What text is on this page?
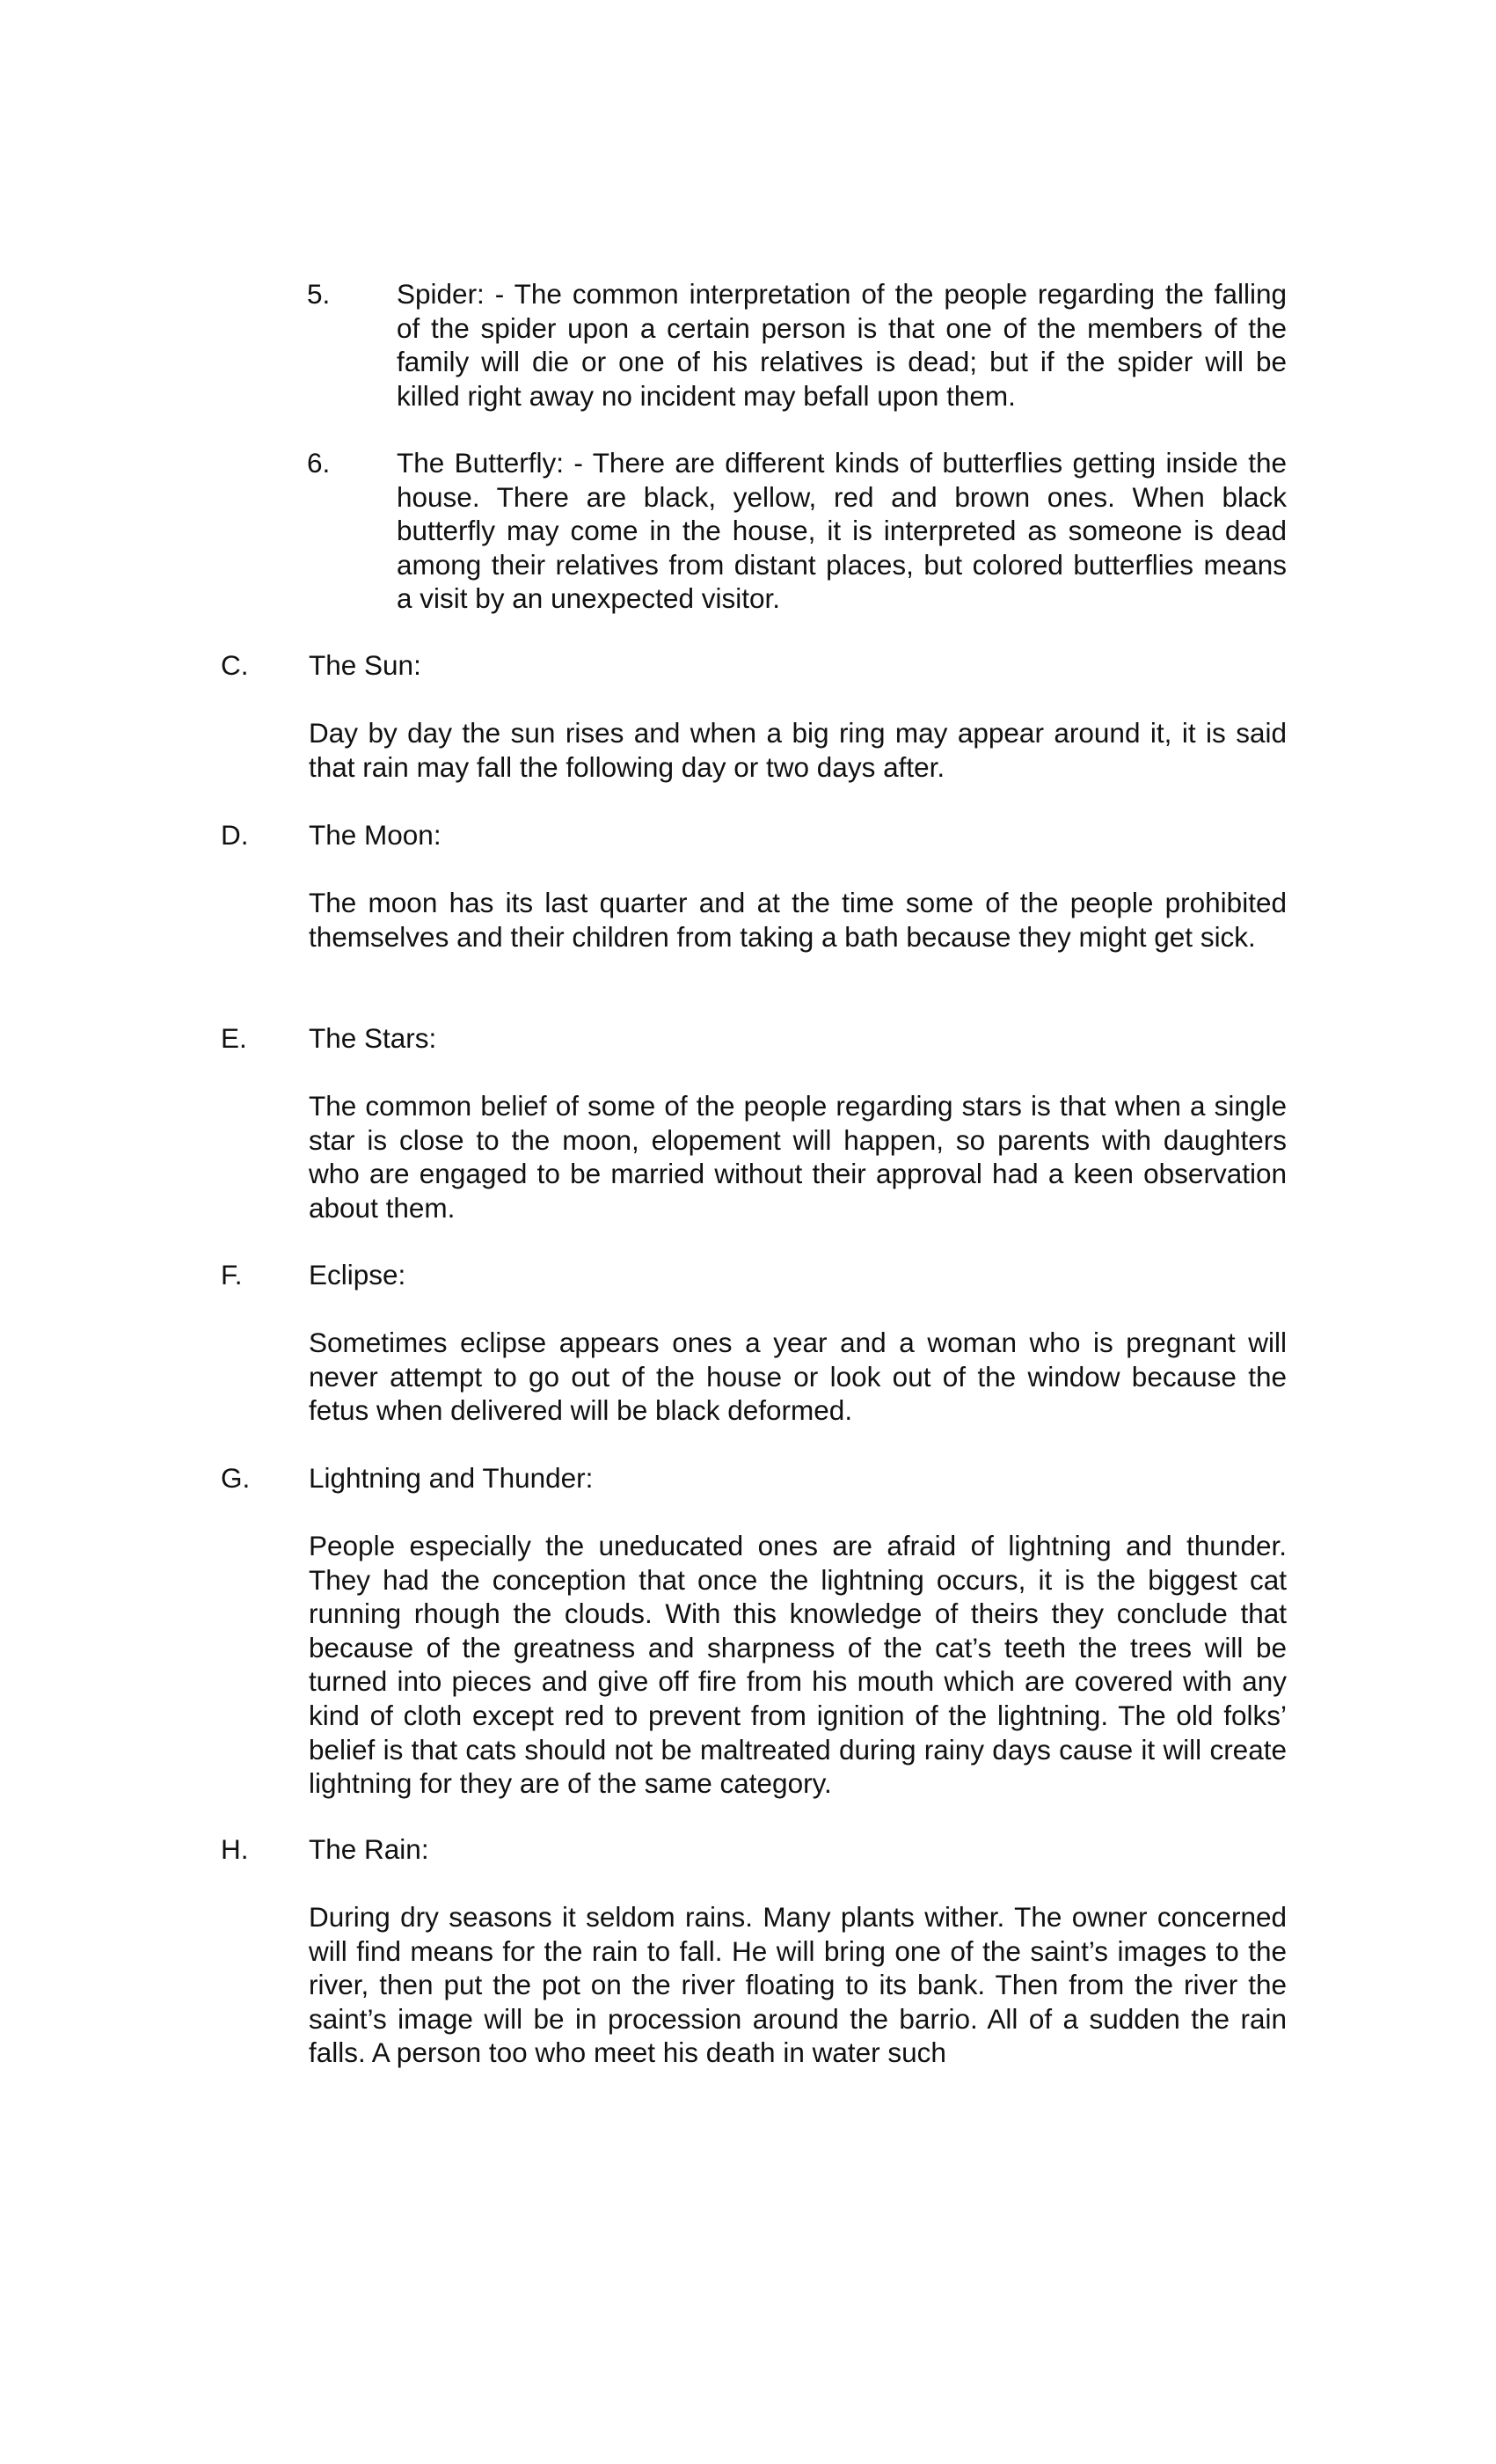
5. Spider: - The common interpretation of the people regarding the falling of the spider upon a certain person is that one of the members of the family will die or one of his relatives is dead; but if the spider will be killed right away no incident may befall upon them.

6. The Butterfly: - There are different kinds of butterflies getting inside the house. There are black, yellow, red and brown ones. When black butterfly may come in the house, it is interpreted as someone is dead among their relatives from distant places, but colored butterflies means a visit by an unexpected visitor.

C. The Sun:

Day by day the sun rises and when a big ring may appear around it, it is said that rain may fall the following day or two days after.

D. The Moon:

The moon has its last quarter and at the time some of the people prohibited themselves and their children from taking a bath because they might get sick.

E. The Stars:

The common belief of some of the people regarding stars is that when a single star is close to the moon, elopement will happen, so parents with daughters who are engaged to be married without their approval had a keen observation about them.

F. Eclipse:

Sometimes eclipse appears ones a year and a woman who is pregnant will never attempt to go out of the house or look out of the window because the fetus when delivered will be black deformed.

G. Lightning and Thunder:

People especially the uneducated ones are afraid of lightning and thunder. They had the conception that once the lightning occurs, it is the biggest cat running rhough the clouds. With this knowledge of theirs they conclude that because of the greatness and sharpness of the cat’s teeth the trees will be turned into pieces and give off fire from his mouth which are covered with any kind of cloth except red to prevent from ignition of the lightning. The old folks’ belief is that cats should not be maltreated during rainy days cause it will create lightning for they are of the same category.

H. The Rain:

During dry seasons it seldom rains. Many plants wither. The owner concerned will find means for the rain to fall. He will bring one of the saint’s images to the river, then put the pot on the river floating to its bank. Then from the river the saint’s image will be in procession around the barrio. All of a sudden the rain falls. A person too who meet his death in water such
